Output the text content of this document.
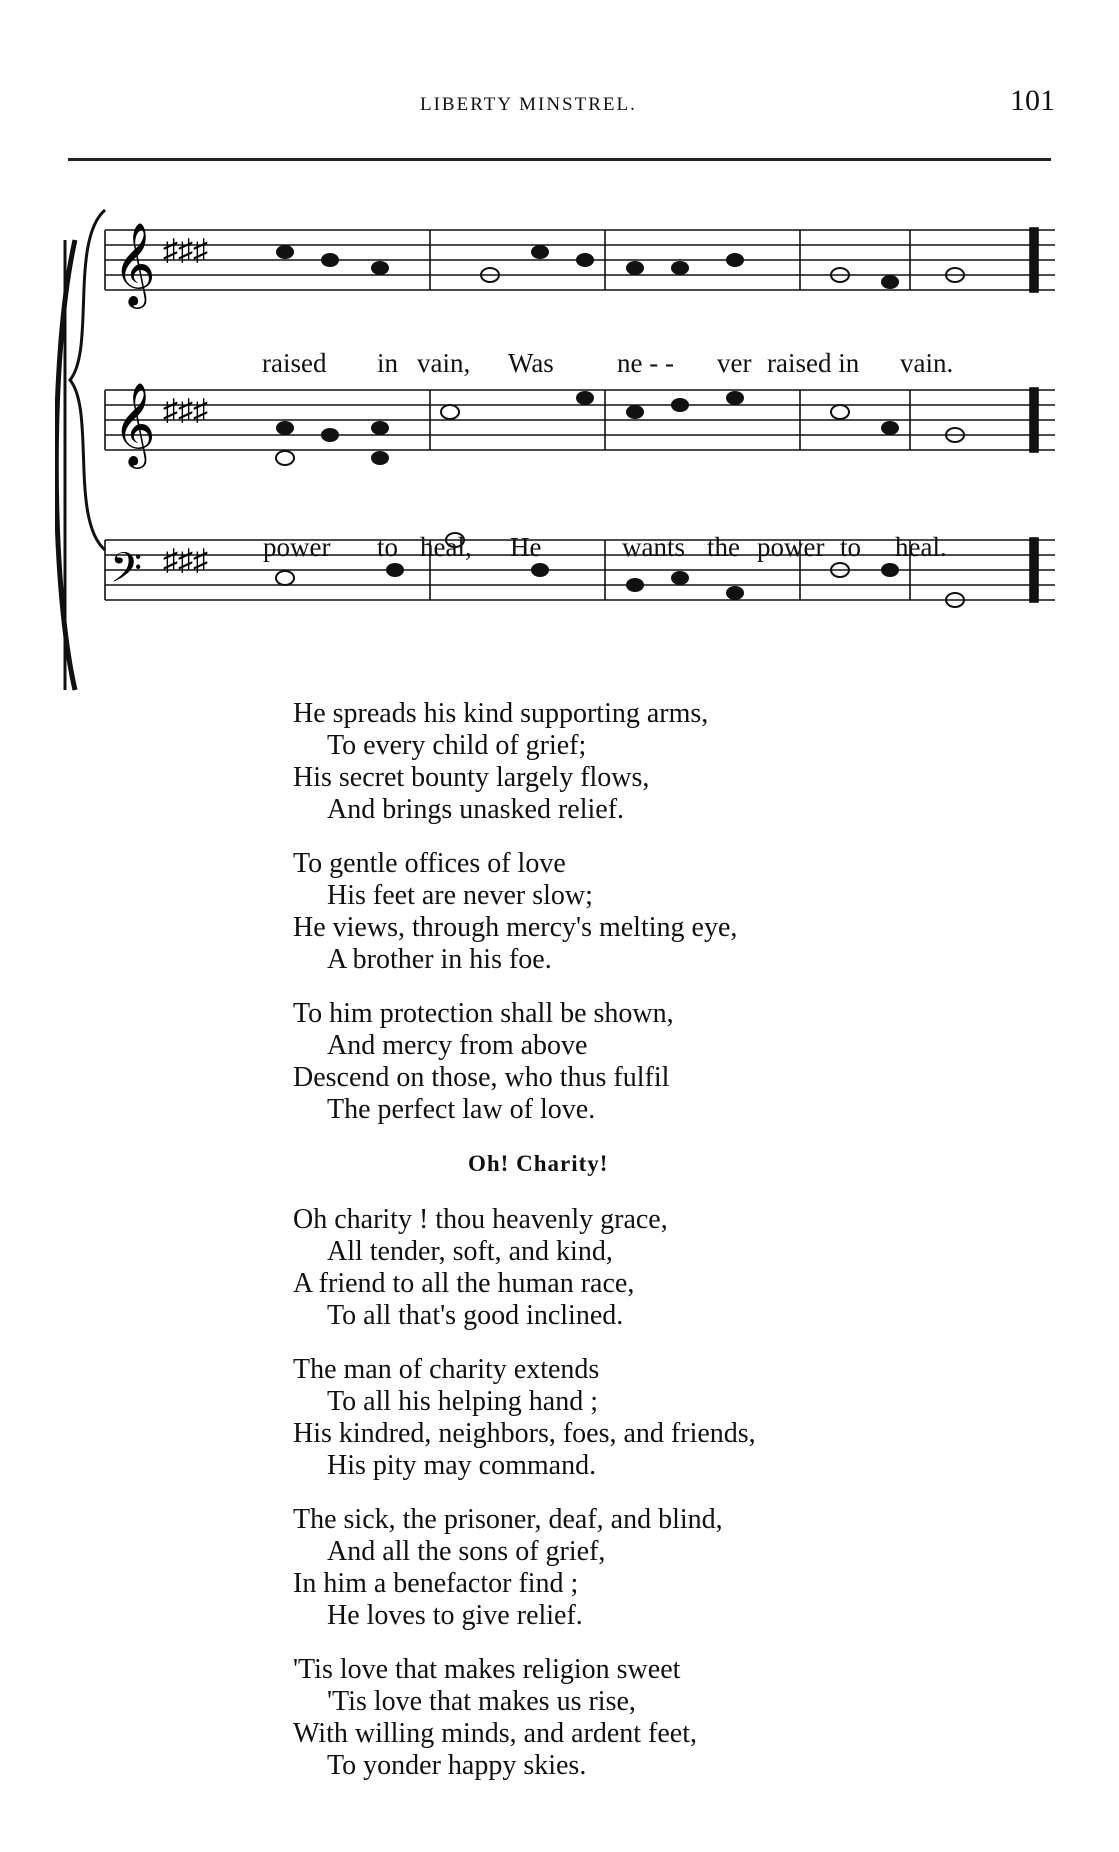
LIBERTY MINSTREL.	101
𝄞 ♯♯♯
𝄞 ♯♯♯
𝄢 ♯♯♯
raised in vain, Was ne - - ver raised in vain.
power to heal, He	wants the power to heal.
He spreads his kind supporting arms,
To every child of grief;
His secret bounty largely flows,
And brings unasked relief.
To gentle offices of love
His feet are never slow;
He views, through mercy's melting eye,
A brother in his foe.
To him protection shall be shown,
And mercy from above
Descend on those, who thus fulfil
The perfect law of love.
Oh! Charity!
Oh charity ! thou heavenly grace,
All tender, soft, and kind,
A friend to all the human race,
To all that's good inclined.
The man of charity extends
To all his helping hand ;
His kindred, neighbors, foes, and friends,
His pity may command.
The sick, the prisoner, deaf, and blind,
And all the sons of grief,
In him a benefactor find ;
He loves to give relief.
'Tis love that makes religion sweet
'Tis love that makes us rise,
With willing minds, and ardent feet,
To yonder happy skies.
